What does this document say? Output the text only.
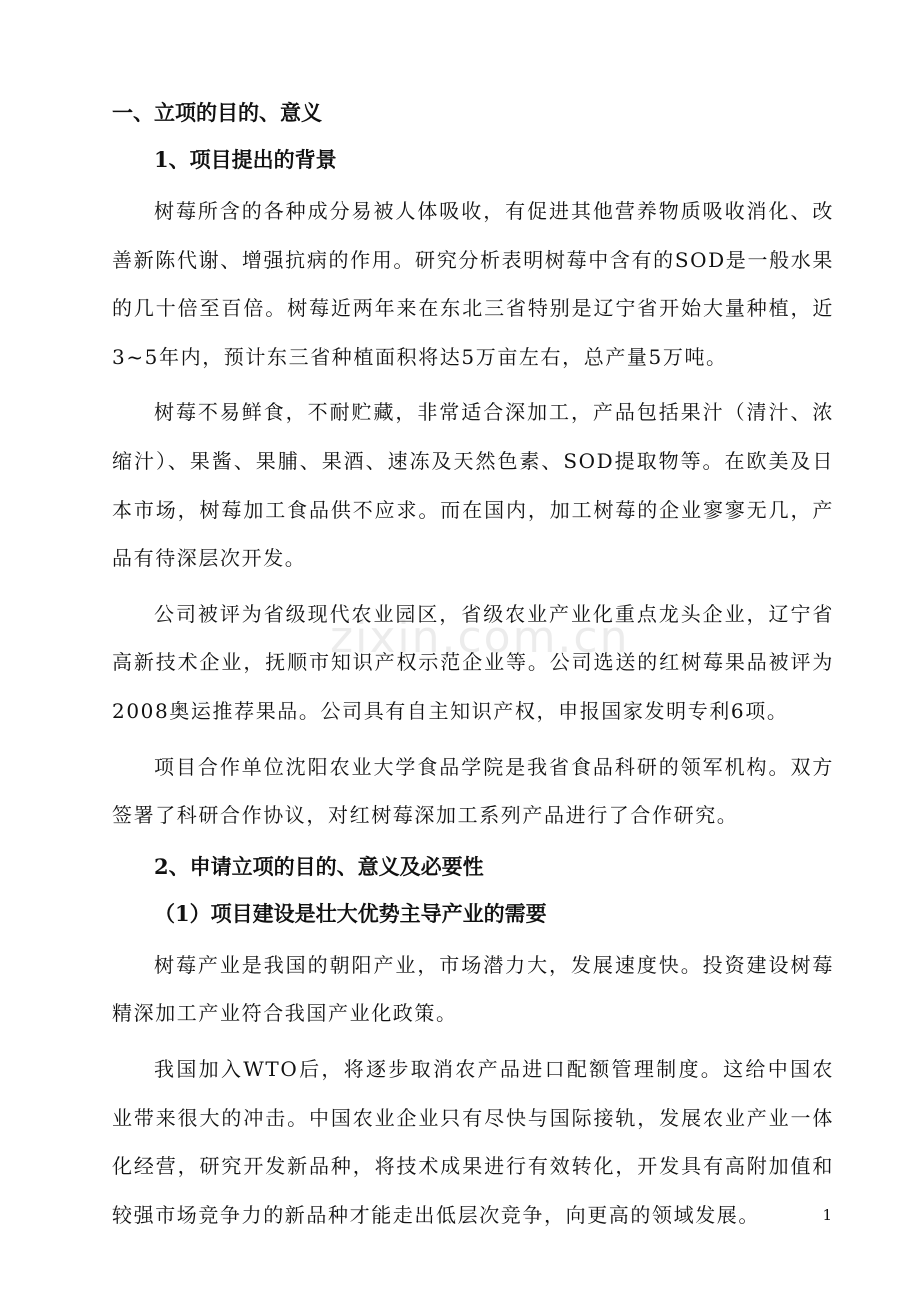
zixin.com.cn
一、立项的目的、意义
1、项目提出的背景

树莓所含的各种成分易被人体吸收，有促进其他营养物质吸收消化、改善新陈代谢、增强抗病的作用。研究分析表明树莓中含有的SOD是一般水果的几十倍至百倍。树莓近两年来在东北三省特别是辽宁省开始大量种植，近3~5年内，预计东三省种植面积将达5万亩左右，总产量5万吨。

树莓不易鲜食，不耐贮藏，非常适合深加工，产品包括果汁（清汁、浓缩汁）、果酱、果脯、果酒、速冻及天然色素、SOD提取物等。在欧美及日本市场，树莓加工食品供不应求。而在国内，加工树莓的企业寥寥无几，产品有待深层次开发。

公司被评为省级现代农业园区，省级农业产业化重点龙头企业，辽宁省高新技术企业，抚顺市知识产权示范企业等。公司选送的红树莓果品被评为2008奥运推荐果品。公司具有自主知识产权，申报国家发明专利6项。

项目合作单位沈阳农业大学食品学院是我省食品科研的领军机构。双方签署了科研合作协议，对红树莓深加工系列产品进行了合作研究。

2、申请立项的目的、意义及必要性
（1）项目建设是壮大优势主导产业的需要

树莓产业是我国的朝阳产业，市场潜力大，发展速度快。投资建设树莓精深加工产业符合我国产业化政策。

我国加入WTO后，将逐步取消农产品进口配额管理制度。这给中国农业带来很大的冲击。中国农业企业只有尽快与国际接轨，发展农业产业一体化经营，研究开发新品种，将技术成果进行有效转化，开发具有高附加值和较强市场竞争力的新品种才能走出低层次竞争，向更高的领域发展。	1
